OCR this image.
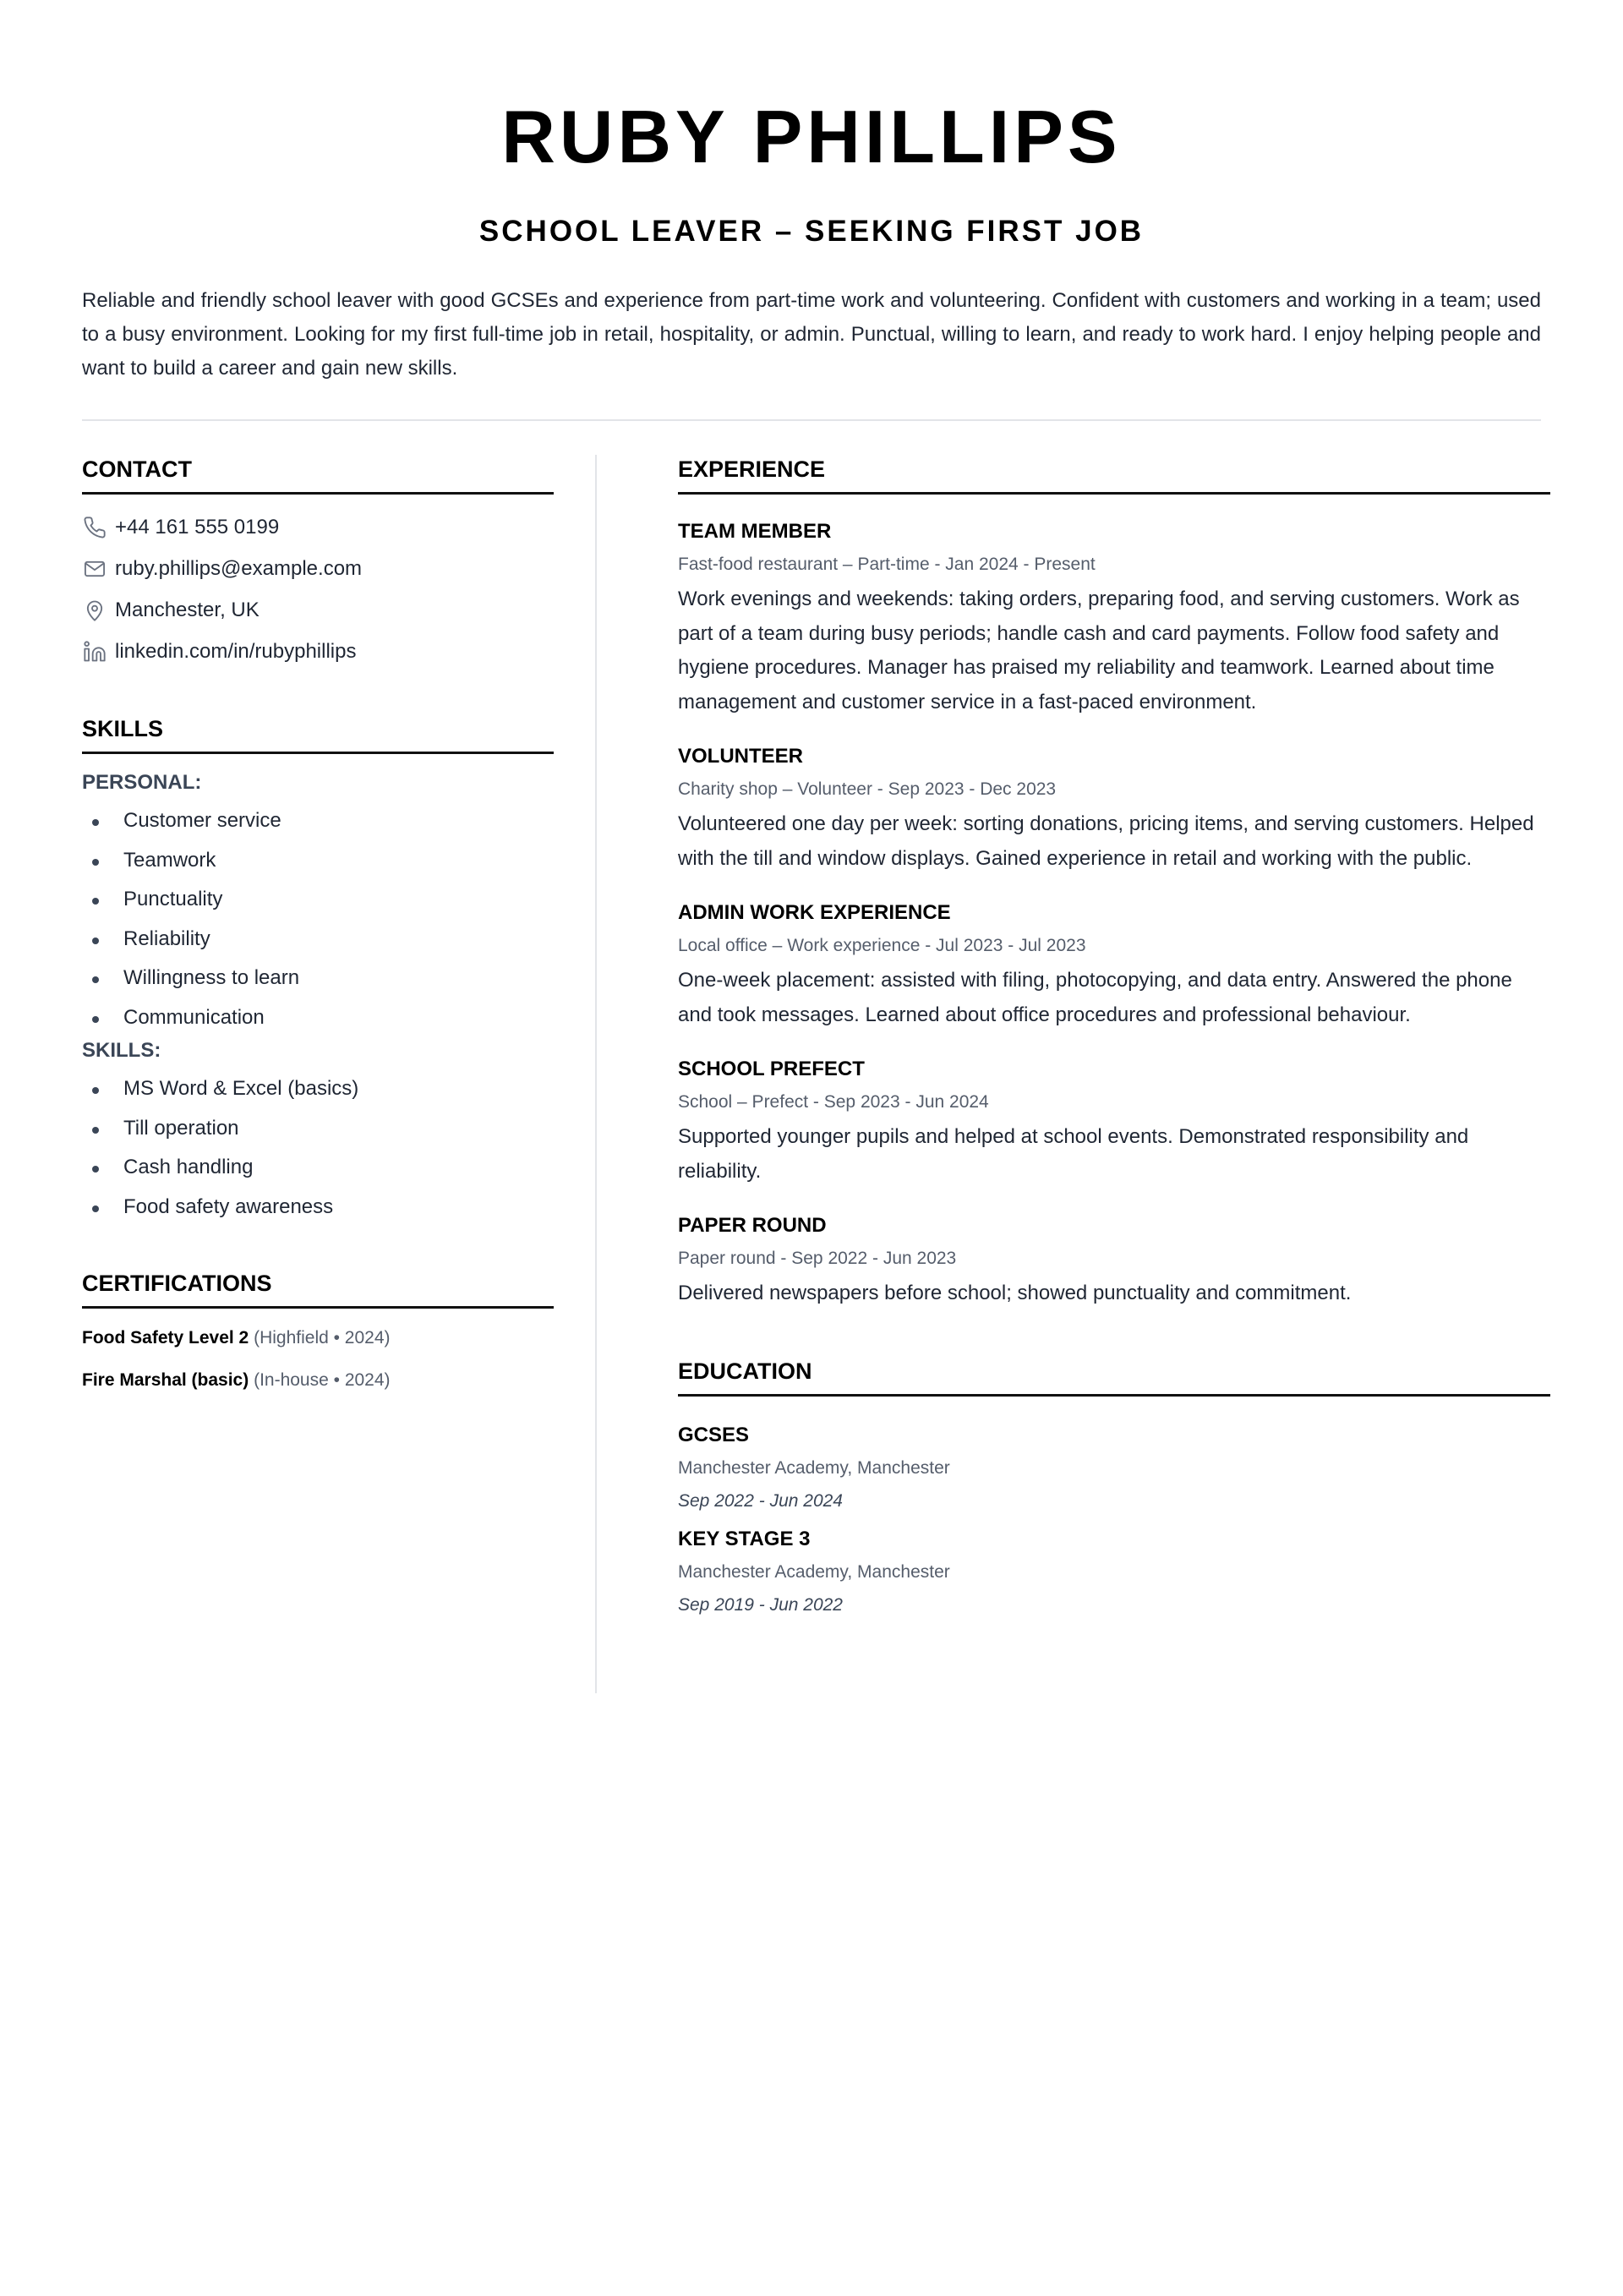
RUBY PHILLIPS
SCHOOL LEAVER – SEEKING FIRST JOB

Reliable and friendly school leaver with good GCSEs and experience from part-time work and volunteering. Confident with customers and working in a team; used to a busy environment. Looking for my first full-time job in retail, hospitality, or admin. Punctual, willing to learn, and ready to work hard. I enjoy helping people and want to build a career and gain new skills.

CONTACT
+44 161 555 0199
ruby.phillips@example.com
Manchester, UK
linkedin.com/in/rubyphillips
SKILLS
PERSONAL:
Customer service
Teamwork
Punctuality
Reliability
Willingness to learn
Communication
SKILLS:
MS Word & Excel (basics)
Till operation
Cash handling
Food safety awareness
CERTIFICATIONS
Food Safety Level 2 (Highfield • 2024)
Fire Marshal (basic) (In-house • 2024)
EXPERIENCE
TEAM MEMBER
Fast-food restaurant – Part-time - Jan 2024 - Present

Work evenings and weekends: taking orders, preparing food, and serving customers. Work as part of a team during busy periods; handle cash and card payments. Follow food safety and hygiene procedures. Manager has praised my reliability and teamwork. Learned about time management and customer service in a fast-paced environment.

VOLUNTEER
Charity shop – Volunteer - Sep 2023 - Dec 2023

Volunteered one day per week: sorting donations, pricing items, and serving customers. Helped with the till and window displays. Gained experience in retail and working with the public.

ADMIN WORK EXPERIENCE
Local office – Work experience - Jul 2023 - Jul 2023

One-week placement: assisted with filing, photocopying, and data entry. Answered the phone and took messages. Learned about office procedures and professional behaviour.

SCHOOL PREFECT
School – Prefect - Sep 2023 - Jun 2024

Supported younger pupils and helped at school events. Demonstrated responsibility and reliability.

PAPER ROUND
Paper round - Sep 2022 - Jun 2023

Delivered newspapers before school; showed punctuality and commitment.

EDUCATION
GCSES
Manchester Academy, Manchester
Sep 2022 - Jun 2024
KEY STAGE 3
Manchester Academy, Manchester
Sep 2019 - Jun 2022
